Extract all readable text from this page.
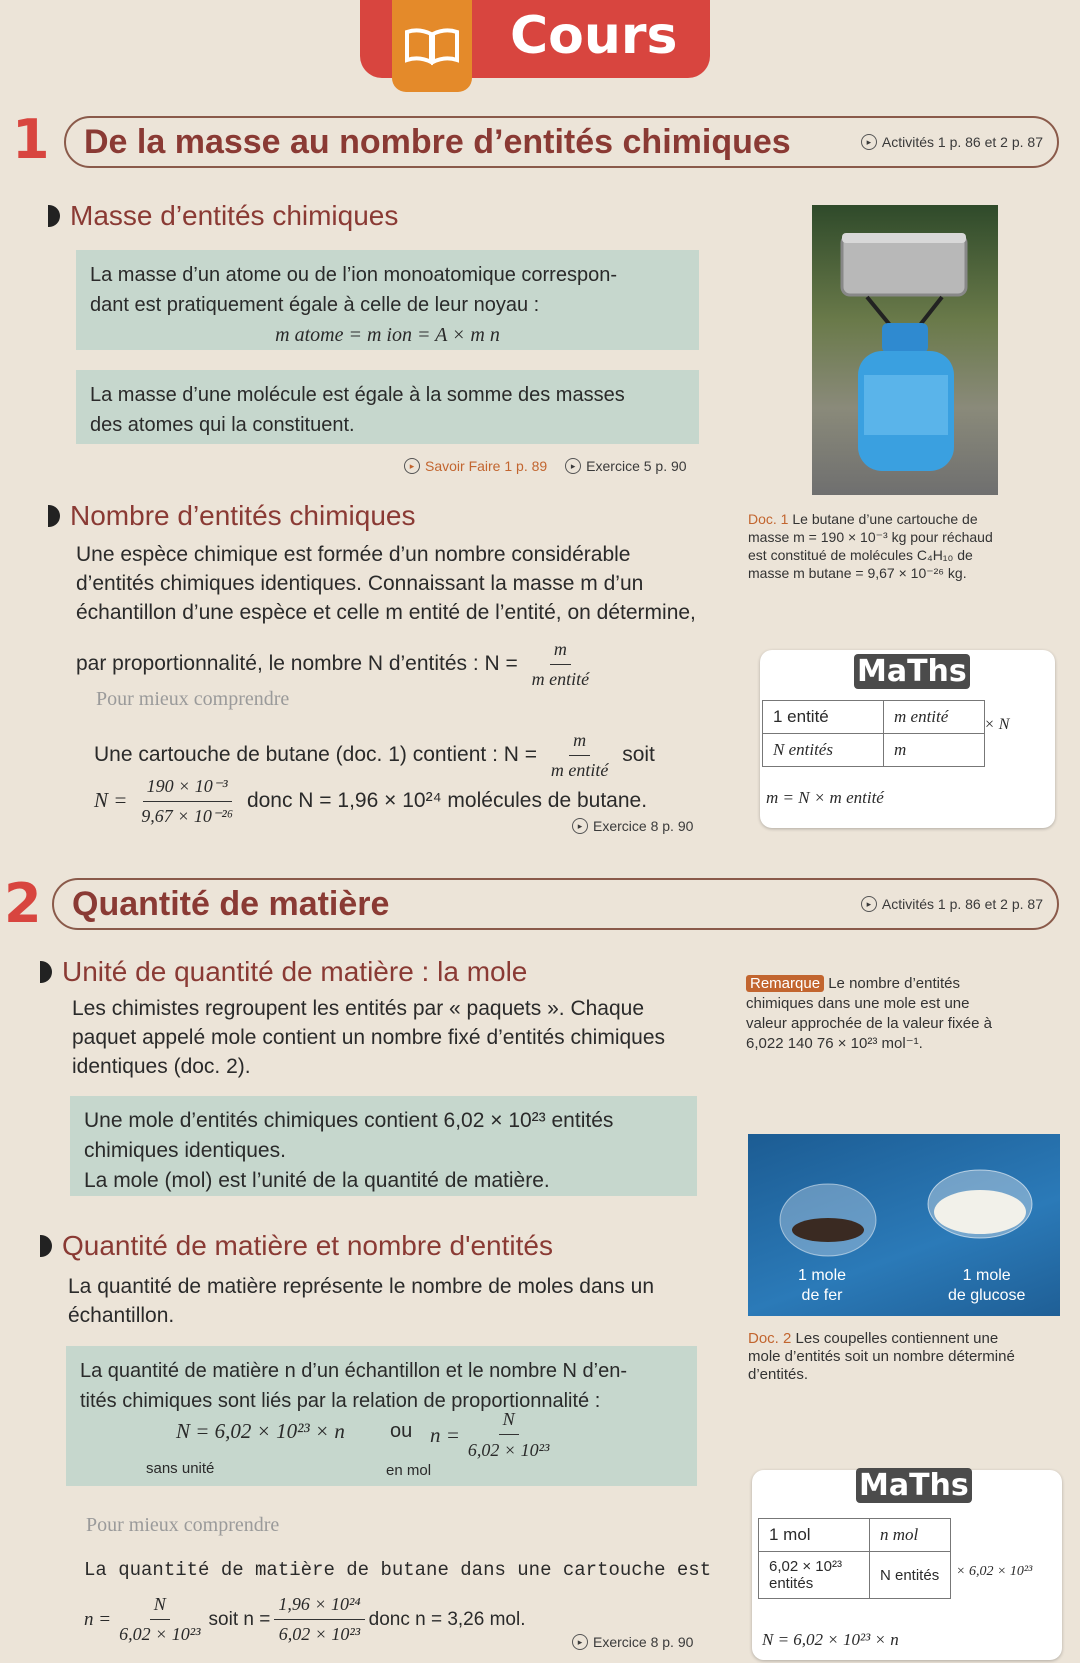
Cours
1 De la masse au nombre d’entités chimiques	▸ Activités 1 p. 86 et 2 p. 87
Masse d’entités chimiques
La masse d’un atome ou de l’ion monoatomique correspon-
dant est pratiquement égale à celle de leur noyau :
m atome = m ion = A × m n
La masse d’une molécule est égale à la somme des masses
des atomes qui la constituent.
▸ Savoir Faire 1 p. 89	▸ Exercice 5 p. 90
Doc. 1 Le butane d’une cartouche de
masse m = 190 × 10⁻³ kg pour réchaud
est constitué de molécules C₄H₁₀ de
masse m butane = 9,67 × 10⁻²⁶ kg.
Nombre d’entités chimiques
Une espèce chimique est formée d’un nombre considérable
d’entités chimiques identiques. Connaissant la masse m d’un
échantillon d’une espèce et celle m entité de l’entité, on détermine,
par proportionnalité, le nombre N d’entités : $N = \frac{m}{\text{m entité}}$
Pour mieux comprendre
Une cartouche de butane (doc. 1) contient : $N = \frac{m}{\text{m entité}}$ soit
$N = \frac{\text{190 × 10⁻³}}{\text{9,67 × 10⁻²⁶}}$ donc N = 1,96 × 10²⁴ molécules de butane.
▸ Exercice 8 p. 90
MaThs
1 entité	m entité
N entités	m
× N
m = N × m entité
2 Quantité de matière	▸ Activités 1 p. 86 et 2 p. 87
Unité de quantité de matière : la mole
Les chimistes regroupent les entités par « paquets ». Chaque
paquet appelé mole contient un nombre fixé d’entités chimiques
identiques (doc. 2).
Une mole d’entités chimiques contient 6,02 × 10²³ entités
chimiques identiques.
La mole (mol) est l’unité de la quantité de matière.
Remarque Le nombre d’entités
chimiques dans une mole est une
valeur approchée de la valeur fixée à
6,022 140 76 × 10²³ mol⁻¹.
1 mole
de fer
1 mole
de glucose
Doc. 2 Les coupelles contiennent une
mole d’entités soit un nombre déterminé
d’entités.
Quantité de matière et nombre d'entités
La quantité de matière représente le nombre de moles dans un
échantillon.
La quantité de matière n d’un échantillon et le nombre N d’en-
tités chimiques sont liés par la relation de proportionnalité :
N = 6,02 × 10²³ × n ou $n = \frac{N}{\text{6,02 × 10²³}}$
sans unité	en mol
Pour mieux comprendre
La quantité de matière de butane dans une cartouche est
$n = \frac{N}{\text{6,02 × 10²³}}$ soit $n = \frac{\text{1,96 × 10²⁴}}{\text{6,02 × 10²³}}$ donc n = 3,26 mol.
▸ Exercice 8 p. 90
MaThs
1 mol	n mol
6,02 × 10²³ entités	N entités × 6,02 × 10²³
N = 6,02 × 10²³ × n
